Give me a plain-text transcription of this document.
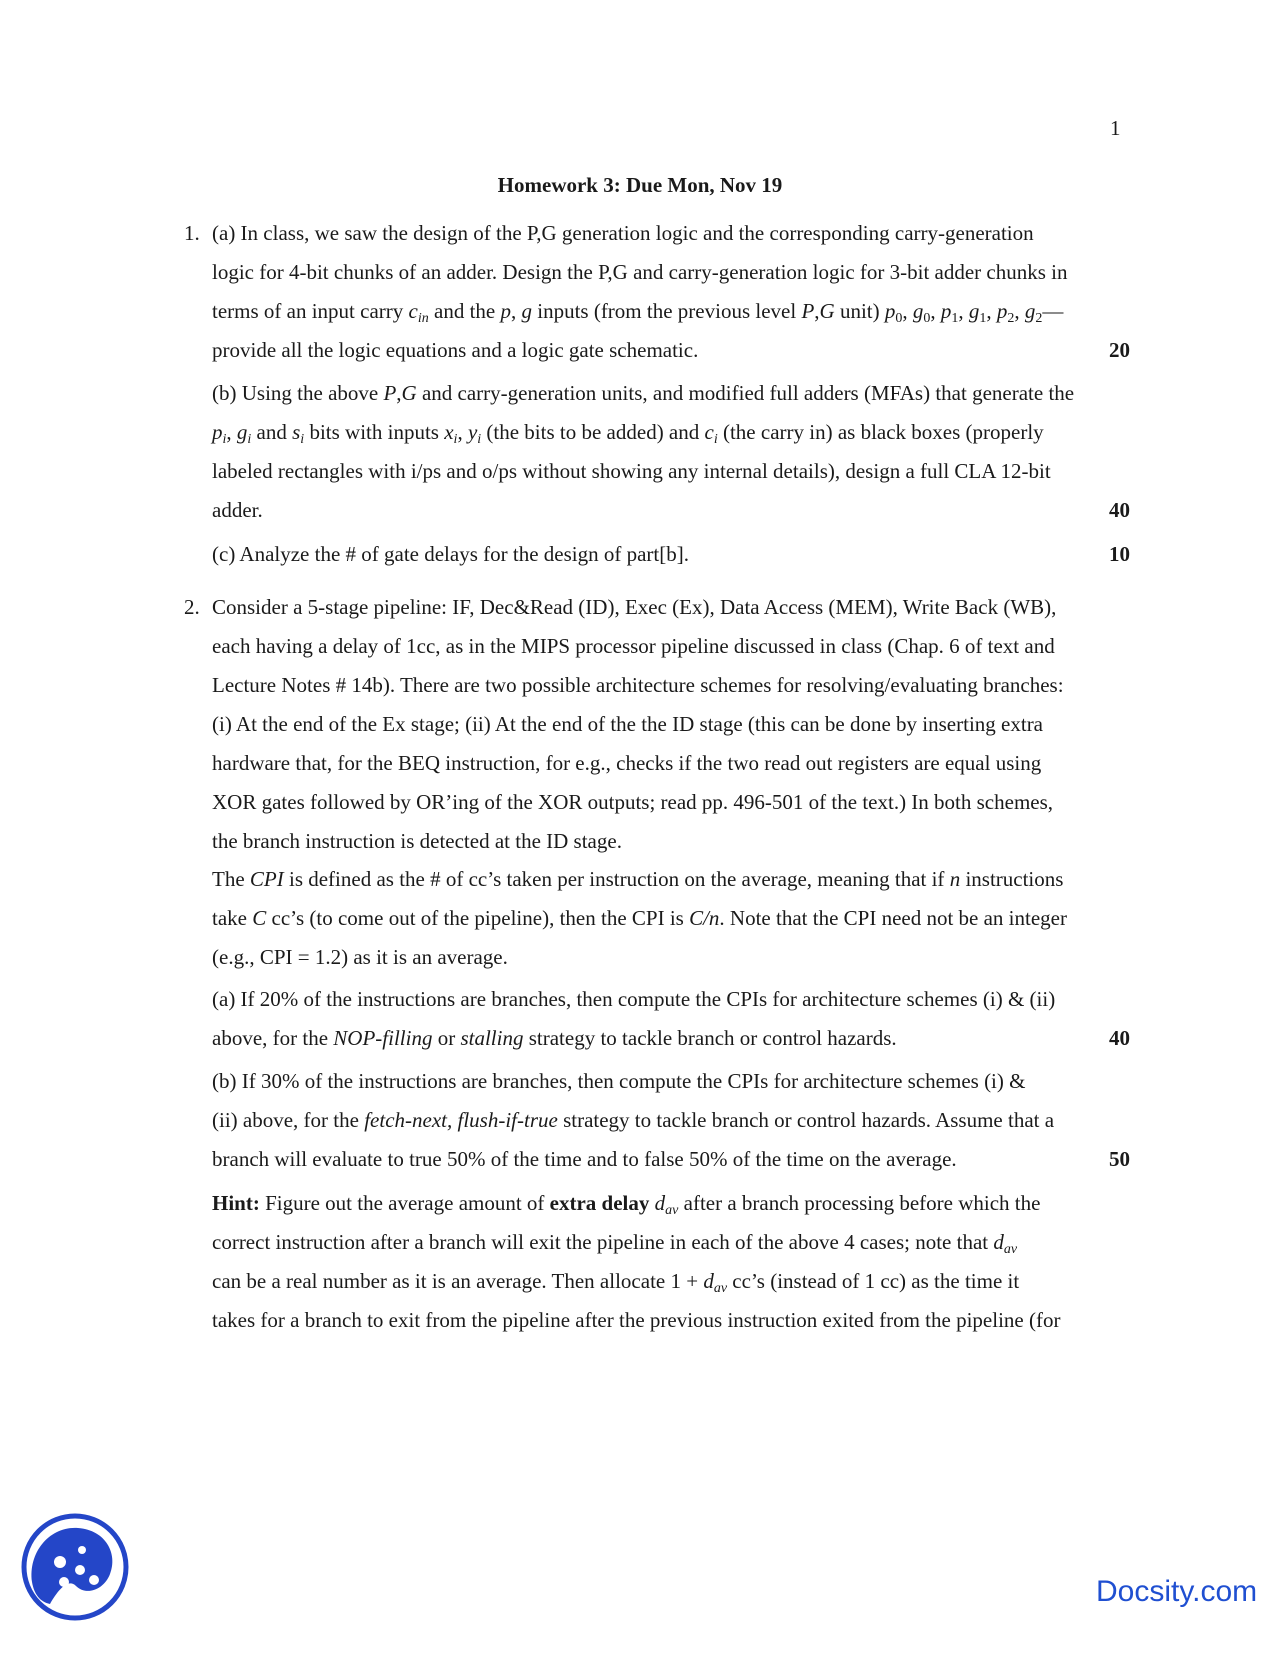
1
Homework 3: Due Mon, Nov 19
1. (a) In class, we saw the design of the P,G generation logic and the corresponding carry-generation
logic for 4-bit chunks of an adder. Design the P,G and carry-generation logic for 3-bit adder chunks in
terms of an input carry $c_{in}$ and the p, g inputs (from the previous level P,G unit) $p_0$, $g_0$, $p_1$, $g_1$, $p_2$, $g_2—$
provide all the logic equations and a logic gate schematic.	20
(b) Using the above P,G and carry-generation units, and modified full adders (MFAs) that generate the
$p_i$, $g_i$ and $s_i$ bits with inputs $x_i$, $y_i$ (the bits to be added) and $c_i$ (the carry in) as black boxes (properly
labeled rectangles with i/ps and o/ps without showing any internal details), design a full CLA 12-bit
adder.	40
(c) Analyze the # of gate delays for the design of part[b].	10
2. Consider a 5-stage pipeline: IF, Dec&Read (ID), Exec (Ex), Data Access (MEM), Write Back (WB),
each having a delay of 1cc, as in the MIPS processor pipeline discussed in class (Chap. 6 of text and
Lecture Notes # 14b). There are two possible architecture schemes for resolving/evaluating branches:
(i) At the end of the Ex stage; (ii) At the end of the the ID stage (this can be done by inserting extra
hardware that, for the BEQ instruction, for e.g., checks if the two read out registers are equal using
XOR gates followed by OR’ing of the XOR outputs; read pp. 496-501 of the text.) In both schemes,
the branch instruction is detected at the ID stage.
The CPI is defined as the # of cc’s taken per instruction on the average, meaning that if n instructions
take C cc’s (to come out of the pipeline), then the CPI is C/n. Note that the CPI need not be an integer
(e.g., CPI = 1.2) as it is an average.
(a) If 20% of the instructions are branches, then compute the CPIs for architecture schemes (i) & (ii)
above, for the NOP-filling or stalling strategy to tackle branch or control hazards.	40
(b) If 30% of the instructions are branches, then compute the CPIs for architecture schemes (i) &
(ii) above, for the fetch-next, flush-if-true strategy to tackle branch or control hazards. Assume that a
branch will evaluate to true 50% of the time and to false 50% of the time on the average.	50
Hint: Figure out the average amount of extra delay $d_{av}$ after a branch processing before which the
correct instruction after a branch will exit the pipeline in each of the above 4 cases; note that $d_{av}$
can be a real number as it is an average. Then allocate $1 + d_{av}$ cc’s (instead of 1 cc) as the time it
takes for a branch to exit from the pipeline after the previous instruction exited from the pipeline (for
Docsity.com
